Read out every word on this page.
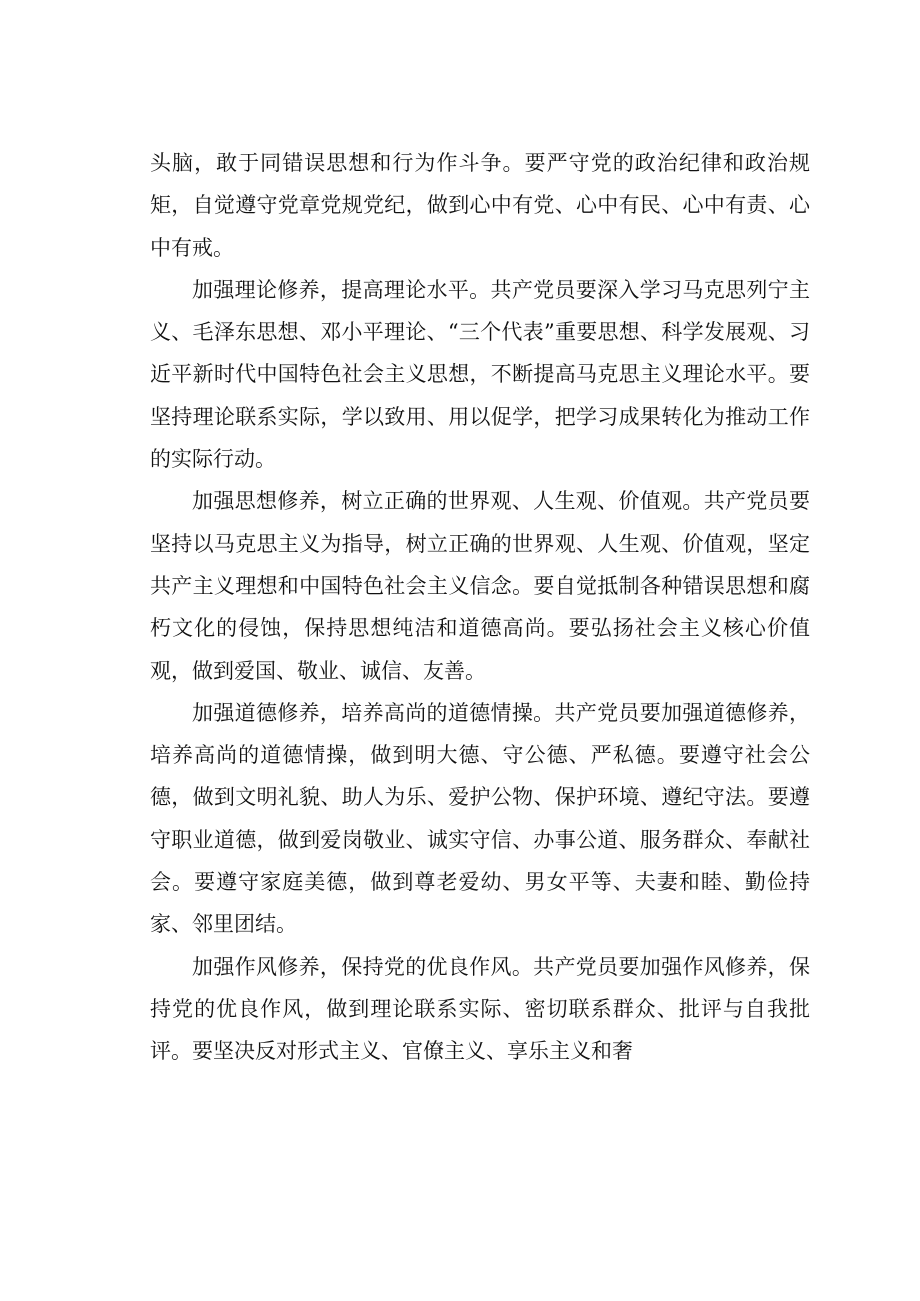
头脑，敢于同错误思想和行为作斗争。要严守党的政治纪律和政治规矩，自觉遵守党章党规党纪，做到心中有党、心中有民、心中有责、心中有戒。

加强理论修养，提高理论水平。共产党员要深入学习马克思列宁主义、毛泽东思想、邓小平理论、“三个代表”重要思想、科学发展观、习近平新时代中国特色社会主义思想，不断提高马克思主义理论水平。要坚持理论联系实际，学以致用、用以促学，把学习成果转化为推动工作的实际行动。

加强思想修养，树立正确的世界观、人生观、价值观。共产党员要坚持以马克思主义为指导，树立正确的世界观、人生观、价值观，坚定共产主义理想和中国特色社会主义信念。要自觉抵制各种错误思想和腐朽文化的侵蚀，保持思想纯洁和道德高尚。要弘扬社会主义核心价值观，做到爱国、敬业、诚信、友善。

加强道德修养，培养高尚的道德情操。共产党员要加强道德修养，培养高尚的道德情操，做到明大德、守公德、严私德。要遵守社会公德，做到文明礼貌、助人为乐、爱护公物、保护环境、遵纪守法。要遵守职业道德，做到爱岗敬业、诚实守信、办事公道、服务群众、奉献社会。要遵守家庭美德，做到尊老爱幼、男女平等、夫妻和睦、勤俭持家、邻里团结。

加强作风修养，保持党的优良作风。共产党员要加强作风修养，保持党的优良作风，做到理论联系实际、密切联系群众、批评与自我批评。要坚决反对形式主义、官僚主义、享乐主义和奢
